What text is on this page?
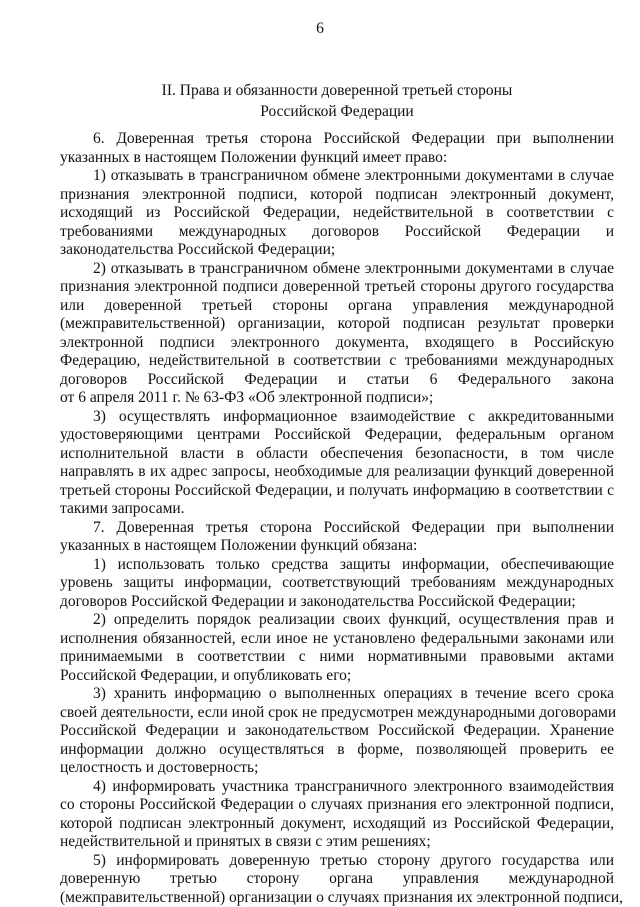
6
II. Права и обязанности доверенной третьей стороны
Российской Федерации
6. Доверенная третья сторона Российской Федерации при выполнении
указанных в настоящем Положении функций имеет право:
1) отказывать в трансграничном обмене электронными документами в случае
признания электронной подписи, которой подписан электронный документ,
исходящий из Российской Федерации, недействительной в соответствии с
требованиями международных договоров Российской Федерации и
законодательства Российской Федерации;
2) отказывать в трансграничном обмене электронными документами в случае
признания электронной подписи доверенной третьей стороны другого государства
или доверенной третьей стороны органа управления международной
(межправительственной) организации, которой подписан результат проверки
электронной подписи электронного документа, входящего в Российскую
Федерацию, недействительной в соответствии с требованиями международных
договоров Российской Федерации и статьи 6 Федерального закона
от 6 апреля 2011 г. № 63-ФЗ «Об электронной подписи»;
3) осуществлять информационное взаимодействие с аккредитованными
удостоверяющими центрами Российской Федерации, федеральным органом
исполнительной власти в области обеспечения безопасности, в том числе
направлять в их адрес запросы, необходимые для реализации функций доверенной
третьей стороны Российской Федерации, и получать информацию в соответствии с
такими запросами.
7. Доверенная третья сторона Российской Федерации при выполнении
указанных в настоящем Положении функций обязана:
1) использовать только средства защиты информации, обеспечивающие
уровень защиты информации, соответствующий требованиям международных
договоров Российской Федерации и законодательства Российской Федерации;
2) определить порядок реализации своих функций, осуществления прав и
исполнения обязанностей, если иное не установлено федеральными законами или
принимаемыми в соответствии с ними нормативными правовыми актами
Российской Федерации, и опубликовать его;
3) хранить информацию о выполненных операциях в течение всего срока
своей деятельности, если иной срок не предусмотрен международными договорами
Российской Федерации и законодательством Российской Федерации. Хранение
информации должно осуществляться в форме, позволяющей проверить ее
целостность и достоверность;
4) информировать участника трансграничного электронного взаимодействия
со стороны Российской Федерации о случаях признания его электронной подписи,
которой подписан электронный документ, исходящий из Российской Федерации,
недействительной и принятых в связи с этим решениях;
5) информировать доверенную третью сторону другого государства или
доверенную третью сторону органа управления международной
(межправительственной) организации о случаях признания их электронной подписи,
